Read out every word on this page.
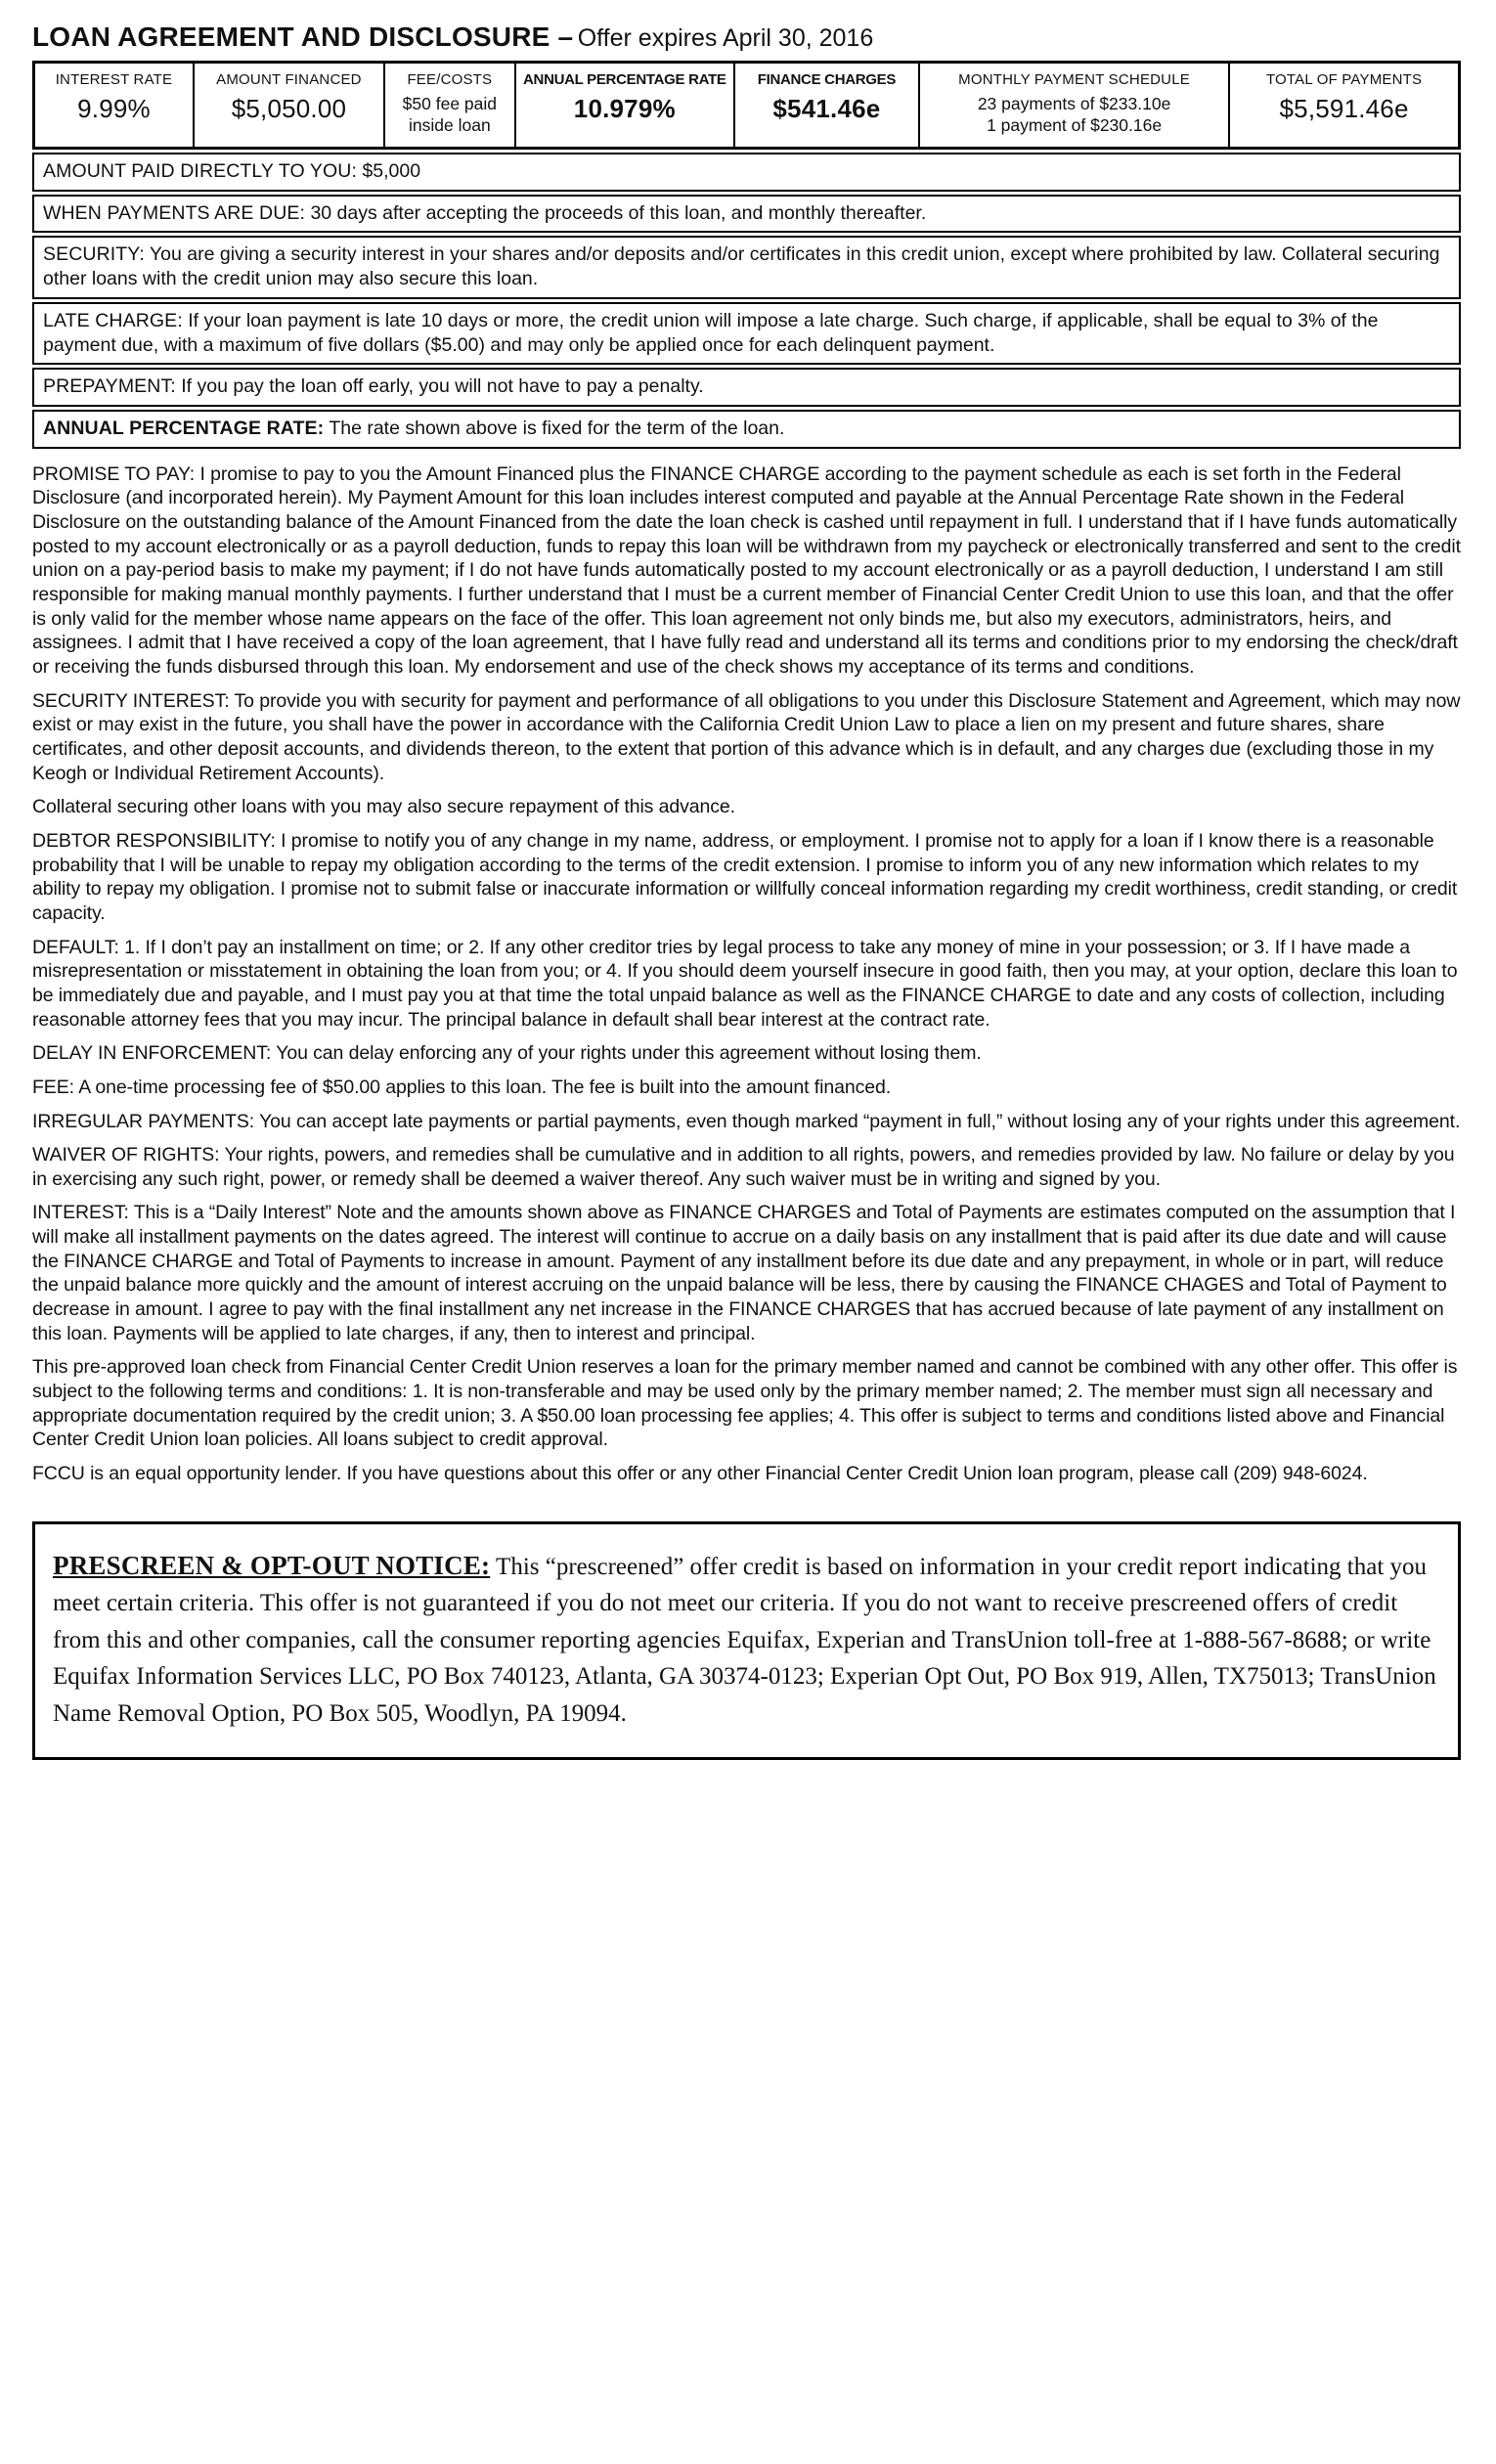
LOAN AGREEMENT AND DISCLOSURE – Offer expires April 30, 2016
INTEREST RATE
9.99%
AMOUNT FINANCED
$5,050.00
FEE/COSTS
$50 fee paid
inside loan
ANNUAL PERCENTAGE RATE
10.979%
FINANCE CHARGES
$541.46e
MONTHLY PAYMENT SCHEDULE
23 payments of $233.10e
1 payment of $230.16e
TOTAL OF PAYMENTS
$5,591.46e
AMOUNT PAID DIRECTLY TO YOU: $5,000
WHEN PAYMENTS ARE DUE: 30 days after accepting the proceeds of this loan, and monthly thereafter.
SECURITY: You are giving a security interest in your shares and/or deposits and/or certificates in this credit union, except where prohibited by law. Collateral securing other loans with the credit union may also secure this loan.
LATE CHARGE: If your loan payment is late 10 days or more, the credit union will impose a late charge. Such charge, if applicable, shall be equal to 3% of the payment due, with a maximum of five dollars ($5.00) and may only be applied once for each delinquent payment.
PREPAYMENT: If you pay the loan off early, you will not have to pay a penalty.
ANNUAL PERCENTAGE RATE: The rate shown above is fixed for the term of the loan.

PROMISE TO PAY: I promise to pay to you the Amount Financed plus the FINANCE CHARGE according to the payment schedule as each is set forth in the Federal Disclosure (and incorporated herein). My Payment Amount for this loan includes interest computed and payable at the Annual Percentage Rate shown in the Federal Disclosure on the outstanding balance of the Amount Financed from the date the loan check is cashed until repayment in full. I understand that if I have funds automatically posted to my account electronically or as a payroll deduction, funds to repay this loan will be withdrawn from my paycheck or electronically transferred and sent to the credit union on a pay-period basis to make my payment; if I do not have funds automatically posted to my account electronically or as a payroll deduction, I understand I am still responsible for making manual monthly payments. I further understand that I must be a current member of Financial Center Credit Union to use this loan, and that the offer is only valid for the member whose name appears on the face of the offer. This loan agreement not only binds me, but also my executors, administrators, heirs, and assignees. I admit that I have received a copy of the loan agreement, that I have fully read and understand all its terms and conditions prior to my endorsing the check/draft or receiving the funds disbursed through this loan. My endorsement and use of the check shows my acceptance of its terms and conditions.

SECURITY INTEREST: To provide you with security for payment and performance of all obligations to you under this Disclosure Statement and Agreement, which may now exist or may exist in the future, you shall have the power in accordance with the California Credit Union Law to place a lien on my present and future shares, share certificates, and other deposit accounts, and dividends thereon, to the extent that portion of this advance which is in default, and any charges due (excluding those in my Keogh or Individual Retirement Accounts).

Collateral securing other loans with you may also secure repayment of this advance.

DEBTOR RESPONSIBILITY: I promise to notify you of any change in my name, address, or employment. I promise not to apply for a loan if I know there is a reasonable probability that I will be unable to repay my obligation according to the terms of the credit extension. I promise to inform you of any new information which relates to my ability to repay my obligation. I promise not to submit false or inaccurate information or willfully conceal information regarding my credit worthiness, credit standing, or credit capacity.

DEFAULT: 1. If I don’t pay an installment on time; or 2. If any other creditor tries by legal process to take any money of mine in your possession; or 3. If I have made a misrepresentation or misstatement in obtaining the loan from you; or 4. If you should deem yourself insecure in good faith, then you may, at your option, declare this loan to be immediately due and payable, and I must pay you at that time the total unpaid balance as well as the FINANCE CHARGE to date and any costs of collection, including reasonable attorney fees that you may incur. The principal balance in default shall bear interest at the contract rate.

DELAY IN ENFORCEMENT: You can delay enforcing any of your rights under this agreement without losing them.

FEE: A one-time processing fee of $50.00 applies to this loan. The fee is built into the amount financed.

IRREGULAR PAYMENTS: You can accept late payments or partial payments, even though marked “payment in full,” without losing any of your rights under this agreement.

WAIVER OF RIGHTS: Your rights, powers, and remedies shall be cumulative and in addition to all rights, powers, and remedies provided by law. No failure or delay by you in exercising any such right, power, or remedy shall be deemed a waiver thereof. Any such waiver must be in writing and signed by you.

INTEREST: This is a “Daily Interest” Note and the amounts shown above as FINANCE CHARGES and Total of Payments are estimates computed on the assumption that I will make all installment payments on the dates agreed. The interest will continue to accrue on a daily basis on any installment that is paid after its due date and will cause the FINANCE CHARGE and Total of Payments to increase in amount. Payment of any installment before its due date and any prepayment, in whole or in part, will reduce the unpaid balance more quickly and the amount of interest accruing on the unpaid balance will be less, there by causing the FINANCE CHAGES and Total of Payment to decrease in amount. I agree to pay with the final installment any net increase in the FINANCE CHARGES that has accrued because of late payment of any installment on this loan. Payments will be applied to late charges, if any, then to interest and principal.

This pre-approved loan check from Financial Center Credit Union reserves a loan for the primary member named and cannot be combined with any other offer. This offer is subject to the following terms and conditions: 1. It is non-transferable and may be used only by the primary member named; 2. The member must sign all necessary and appropriate documentation required by the credit union; 3. A $50.00 loan processing fee applies; 4. This offer is subject to terms and conditions listed above and Financial Center Credit Union loan policies. All loans subject to credit approval.

FCCU is an equal opportunity lender. If you have questions about this offer or any other Financial Center Credit Union loan program, please call (209) 948-6024.

PRESCREEN & OPT-OUT NOTICE: This “prescreened” offer credit is based on information in your credit report indicating that you meet certain criteria. This offer is not guaranteed if you do not meet our criteria. If you do not want to receive prescreened offers of credit from this and other companies, call the consumer reporting agencies Equifax, Experian and TransUnion toll-free at 1-888-567-8688; or write Equifax Information Services LLC, PO Box 740123, Atlanta, GA 30374-0123; Experian Opt Out, PO Box 919, Allen, TX75013; TransUnion Name Removal Option, PO Box 505, Woodlyn, PA 19094.
